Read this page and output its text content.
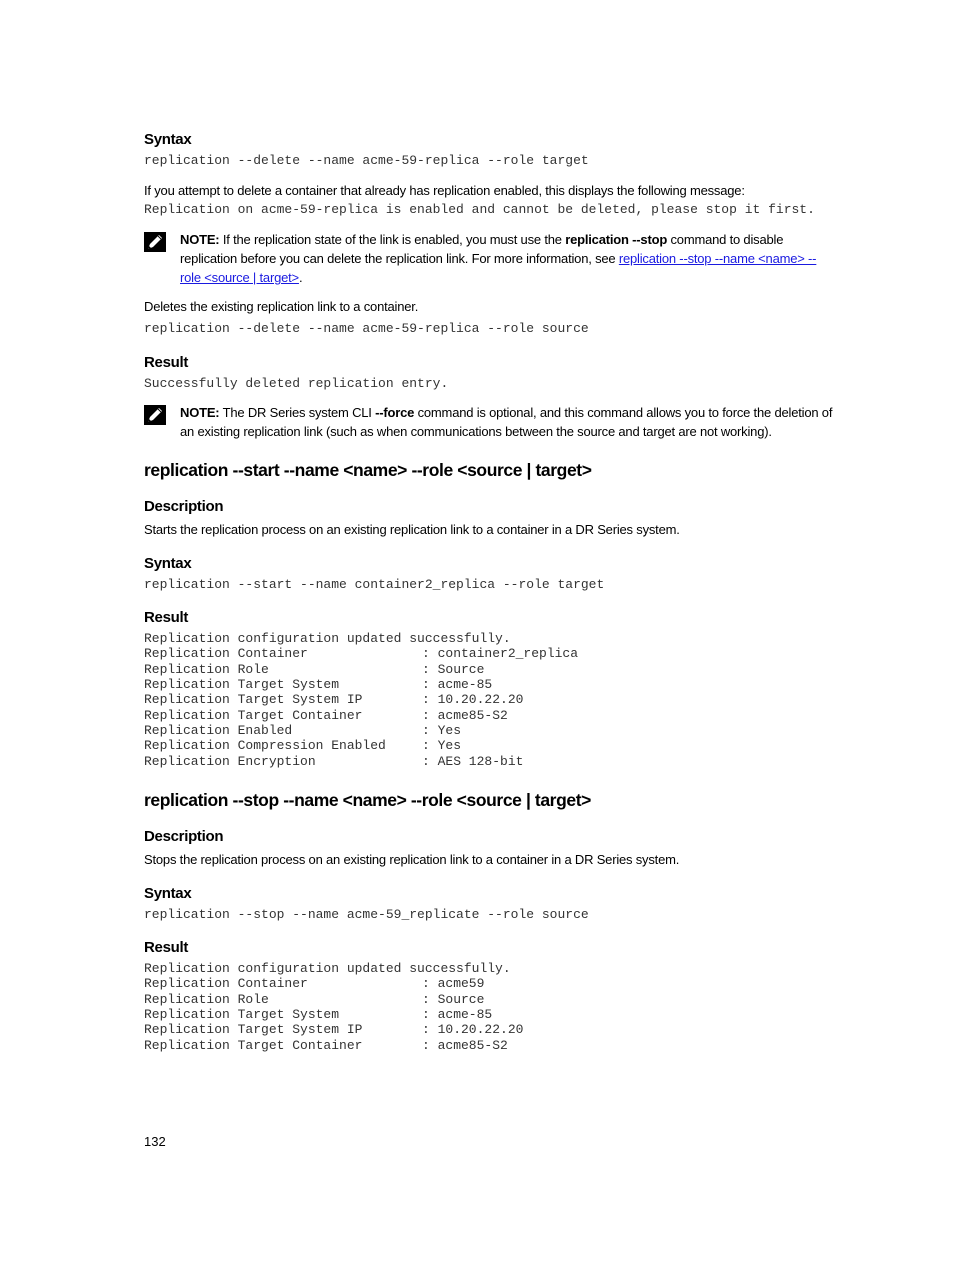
Syntax
replication --delete --name acme-59-replica --role target
If you attempt to delete a container that already has replication enabled, this displays the following message:
Replication on acme-59-replica is enabled and cannot be deleted, please stop it first.
NOTE: If the replication state of the link is enabled, you must use the replication --stop command to disable replication before you can delete the replication link. For more information, see replication --stop --name <name> --role <source | target>.
Deletes the existing replication link to a container.
replication --delete --name acme-59-replica --role source
Result
Successfully deleted replication entry.
NOTE: The DR Series system CLI --force command is optional, and this command allows you to force the deletion of an existing replication link (such as when communications between the source and target are not working).
replication --start --name <name> --role <source | target>
Description
Starts the replication process on an existing replication link to a container in a DR Series system.
Syntax
replication --start --name container2_replica --role target
Result
Replication configuration updated successfully.
Replication Container	: container2_replica
Replication Role	: Source
Replication Target System	: acme-85
Replication Target System IP	: 10.20.22.20
Replication Target Container	: acme85-S2
Replication Enabled	: Yes
Replication Compression Enabled	: Yes
Replication Encryption	: AES 128-bit
replication --stop --name <name> --role <source | target>
Description
Stops the replication process on an existing replication link to a container in a DR Series system.
Syntax
replication --stop --name acme-59_replicate --role source
Result
Replication configuration updated successfully.
Replication Container	: acme59
Replication Role	: Source
Replication Target System	: acme-85
Replication Target System IP	: 10.20.22.20
Replication Target Container	: acme85-S2
132
